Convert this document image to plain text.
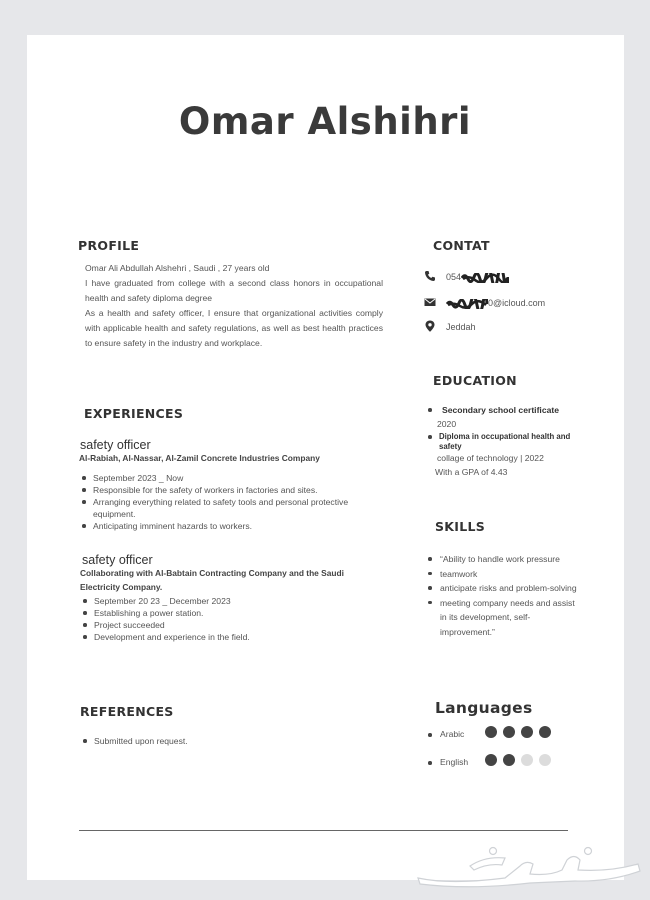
Omar Alshihri
PROFILE

Omar Ali Abdullah Alshehri , Saudi , 27 years old

I have graduated from college with a second class honors in occupational health and safety diploma degree

As a health and safety officer, I ensure that organizational activities comply with applicable health and safety regulations, as well as best health practices to ensure safety in the industry and workplace.

CONTAT
054
0@icloud.com
Jeddah
EDUCATION
Secondary school certificate
2020
Diploma in occupational health and safety
collage of technology | 2022
With a GPA of 4.43
EXPERIENCES
safety officer
Al-Rabiah, Al-Nassar, Al-Zamil Concrete Industries Company
September 2023 _ Now
Responsible for the safety of workers in factories and sites.
Arranging everything related to safety tools and personal protective equipment.
Anticipating imminent hazards to workers.
safety officer
Collaborating with Al-Babtain Contracting Company and the Saudi Electricity Company.
September 20 23 _ December 2023
Establishing a power station.
Project succeeded
Development and experience in the field.
SKILLS
“Ability to handle work pressure
teamwork
anticipate risks and problem-solving
meeting company needs and assist in its development, self-improvement.”
REFERENCES
Submitted upon request.
Languages
Arabic
English
